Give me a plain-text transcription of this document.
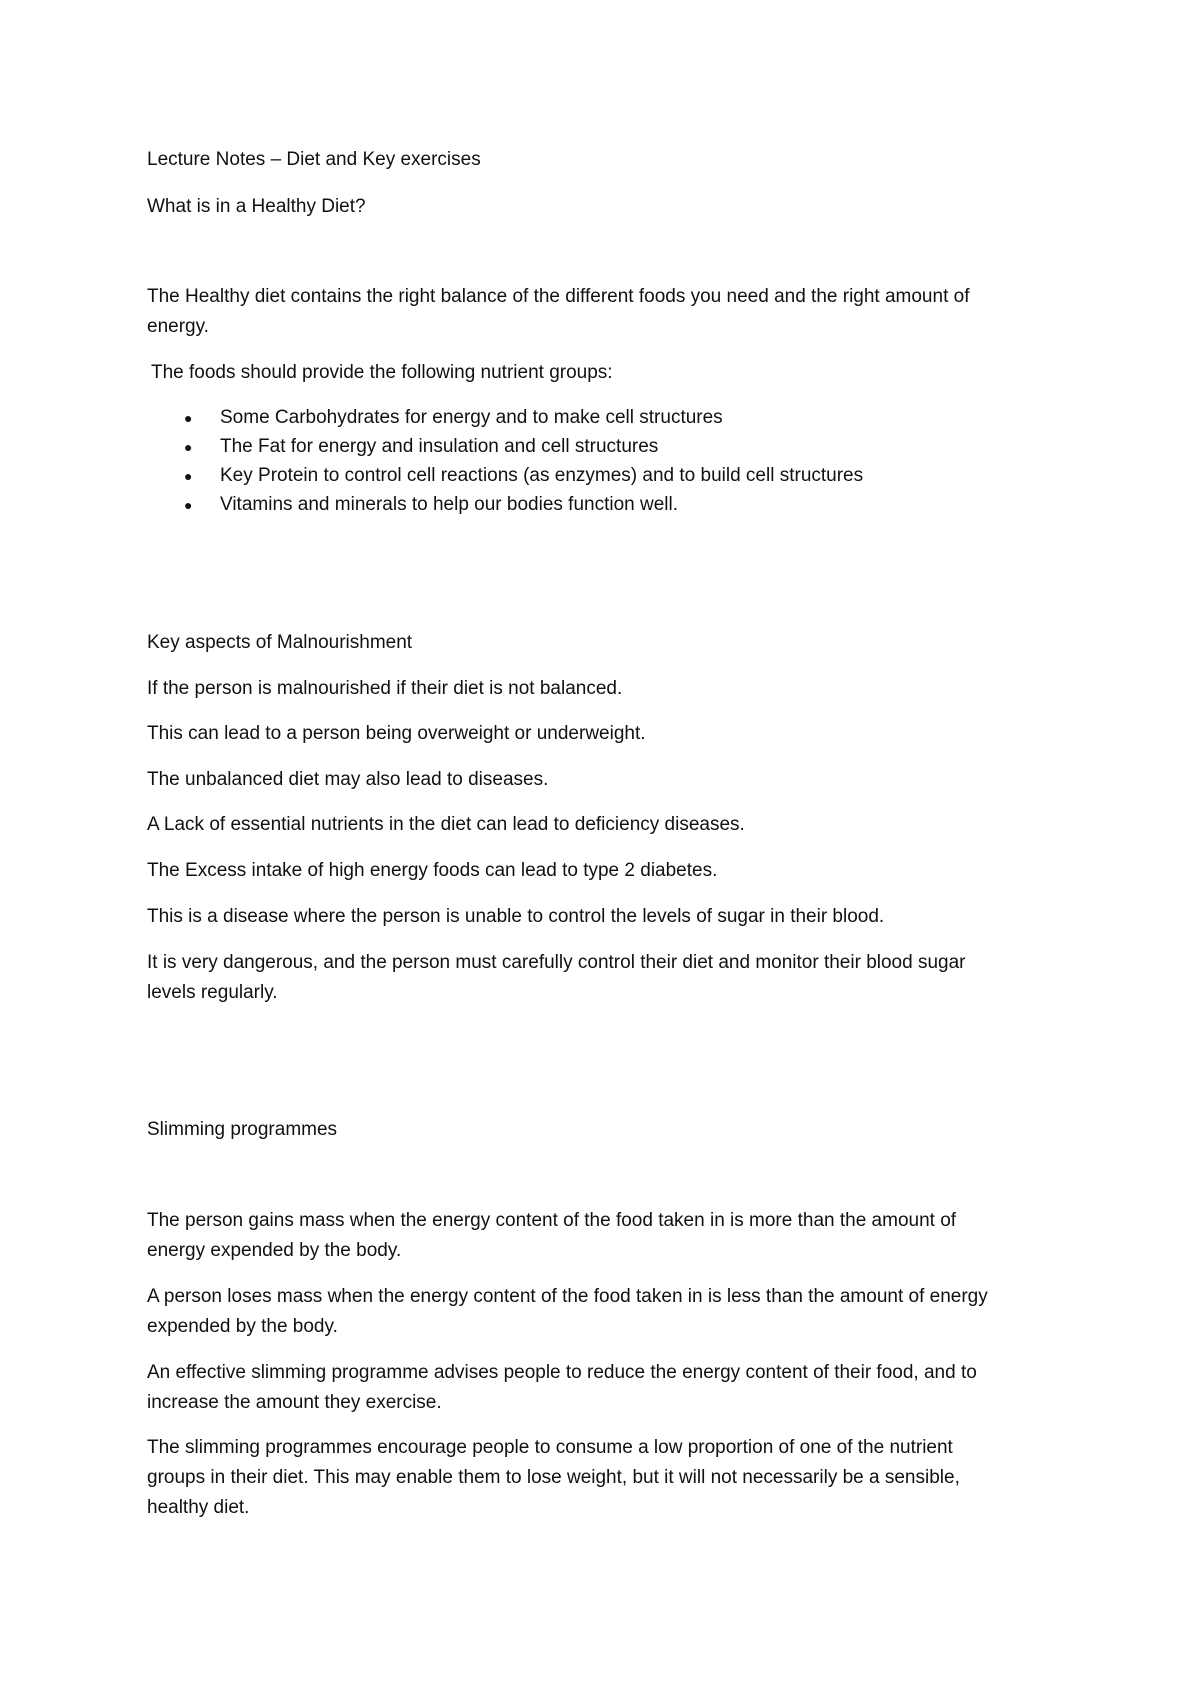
Lecture Notes – Diet and Key exercises

What is in a Healthy Diet?

The Healthy diet contains the right balance of the different foods you need and the right amount of

energy.

The foods should provide the following nutrient groups:

● Some Carbohydrates for energy and to make cell structures
● The Fat for energy and insulation and cell structures
● Key Protein to control cell reactions (as enzymes) and to build cell structures
● Vitamins and minerals to help our bodies function well.

Key aspects of Malnourishment

If the person is malnourished if their diet is not balanced.

This can lead to a person being overweight or underweight.

The unbalanced diet may also lead to diseases.

A Lack of essential nutrients in the diet can lead to deficiency diseases.

The Excess intake of high energy foods can lead to type 2 diabetes.

This is a disease where the person is unable to control the levels of sugar in their blood.

It is very dangerous, and the person must carefully control their diet and monitor their blood sugar

levels regularly.

Slimming programmes

The person gains mass when the energy content of the food taken in is more than the amount of

energy expended by the body.

A person loses mass when the energy content of the food taken in is less than the amount of energy

expended by the body.

An effective slimming programme advises people to reduce the energy content of their food, and to

increase the amount they exercise.

The slimming programmes encourage people to consume a low proportion of one of the nutrient

groups in their diet. This may enable them to lose weight, but it will not necessarily be a sensible,

healthy diet.
